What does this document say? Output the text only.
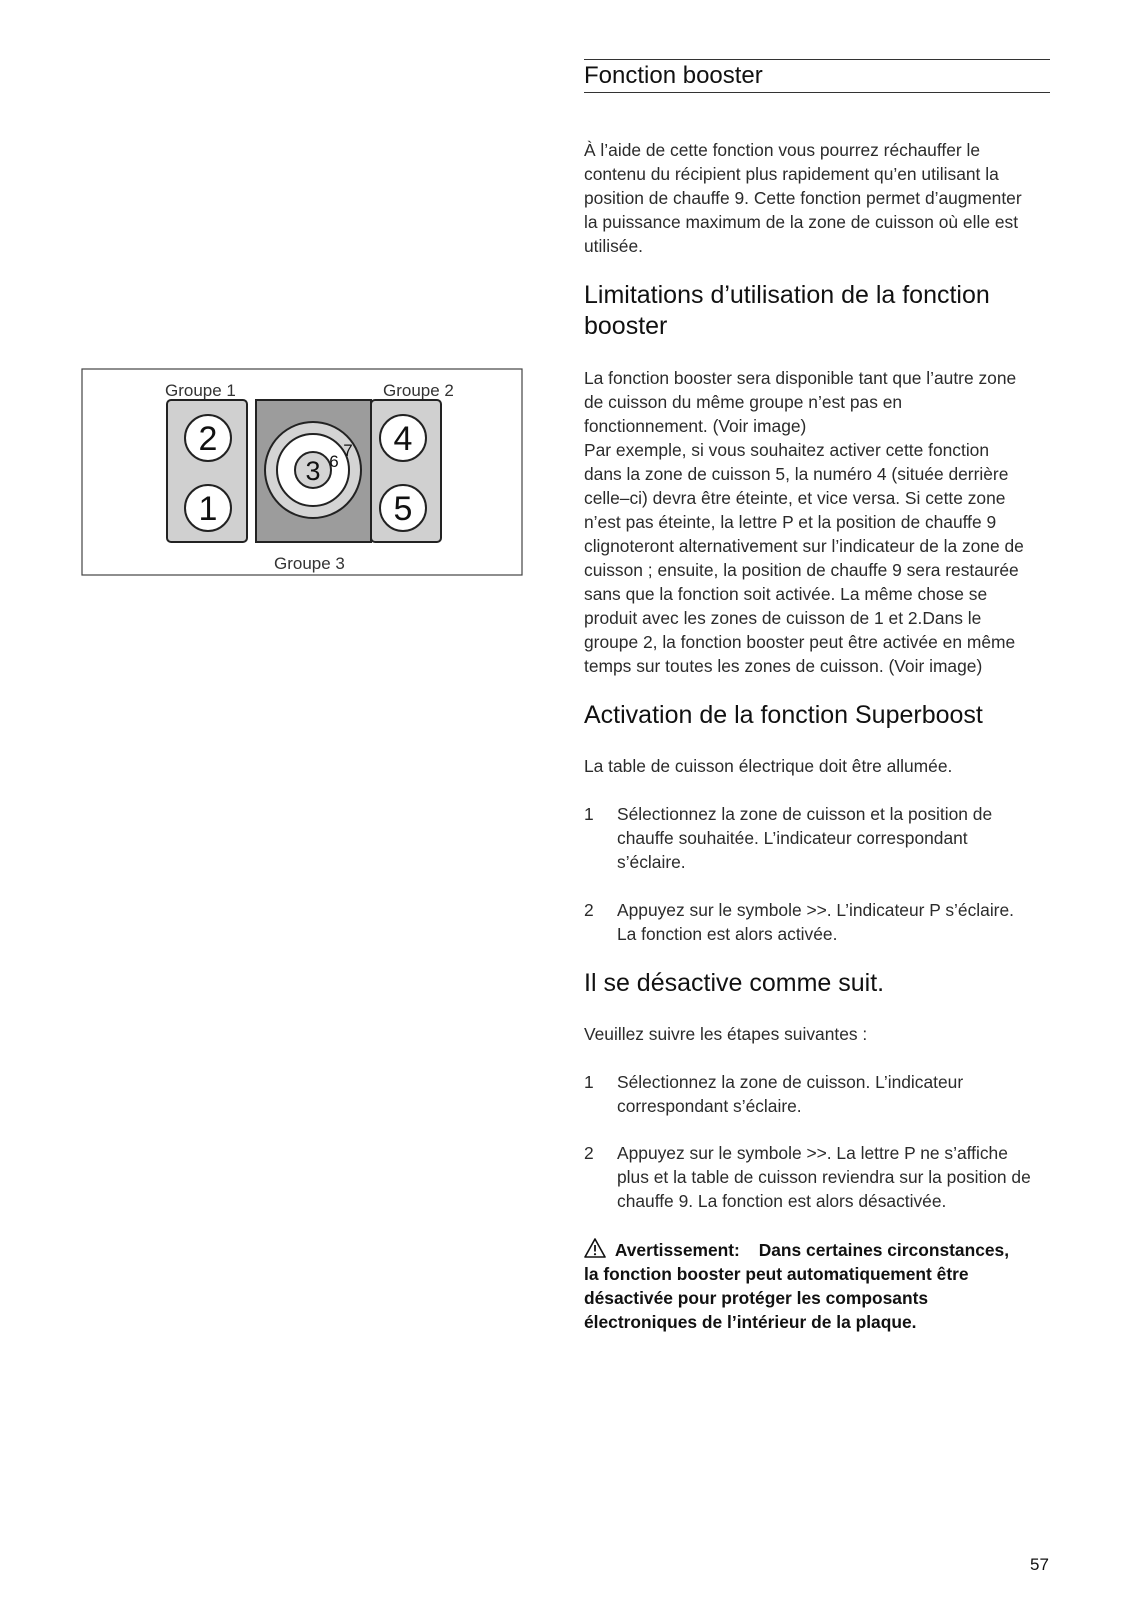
Fonction booster

À l’aide de cette fonction vous pourrez réchauffer le

contenu du récipient plus rapidement qu’en utilisant la

position de chauffe 9. Cette fonction permet d’augmenter

la puissance maximum de la zone de cuisson où elle est

utilisée.

Limitations d’utilisation de la fonction

booster

La fonction booster sera disponible tant que l’autre zone

de cuisson du même groupe n’est pas en

fonctionnement. (Voir image)

Par exemple, si vous souhaitez activer cette fonction

dans la zone de cuisson 5, la numéro 4 (située derrière

celle–ci) devra être éteinte, et vice versa. Si cette zone

n’est pas éteinte, la lettre P et la position de chauffe 9

clignoteront alternativement sur l’indicateur de la zone de

cuisson ; ensuite, la position de chauffe 9 sera restaurée

sans que la fonction soit activée. La même chose se

produit avec les zones de cuisson de 1 et 2.Dans le

groupe 2, la fonction booster peut être activée en même

temps sur toutes les zones de cuisson. (Voir image)

Activation de la fonction Superboost

La table de cuisson électrique doit être allumée.

1	Sélectionnez la zone de cuisson et la position de
chauffe souhaitée. L’indicateur correspondant
s’éclaire.
2	Appuyez sur le symbole >>. L’indicateur P s’éclaire.
La fonction est alors activée.

Il se désactive comme suit.

Veuillez suivre les étapes suivantes :

1	Sélectionnez la zone de cuisson. L’indicateur
correspondant s’éclaire.
2	Appuyez sur le symbole >>. La lettre P ne s’affiche
plus et la table de cuisson reviendra sur la position de
chauffe 9. La fonction est alors désactivée.
Avertissement: Dans certaines circonstances,
la fonction booster peut automatiquement être
désactivée pour protéger les composants
électroniques de l’intérieur de la plaque.
Groupe 1	Groupe 2
2
1
3 6
7 4
5
Groupe 3
57
